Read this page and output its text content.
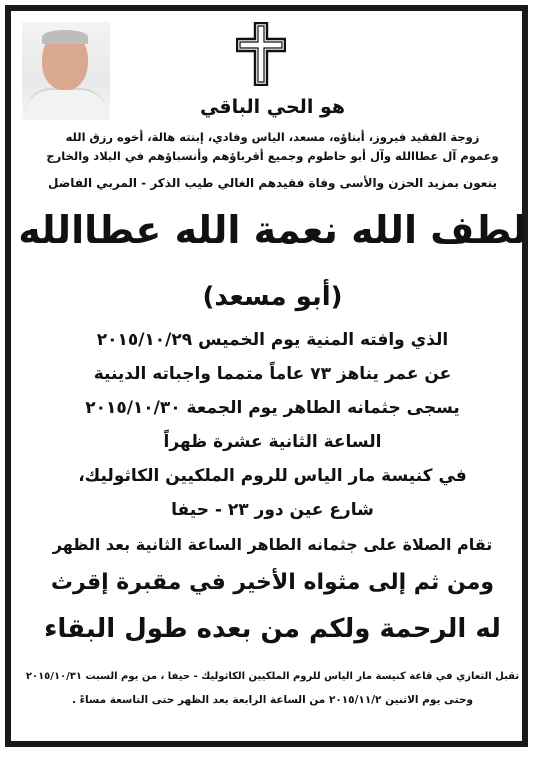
هو الحي الباقي
زوجة الفقيد فيروز، أبناؤه، مسعد، الياس وفادي، إبنته هالة، أخوه رزق الله
وعموم آل عطاالله وآل أبو حاطوم وجميع أقرباؤهم وأنسباؤهم في البلاد والخارج
ينعون بمزيد الحزن والأسى وفاة فقيدهم الغالي طيب الذكر - المربي الفاضل
لطف الله نعمة الله عطاالله
(أبو مسعد)
الذي وافته المنية يوم الخميس ٢٠١٥/١٠/٢٩
عن عمر يناهز ٧٣ عاماً متمما واجباته الدينية
يسجى جثمانه الطاهر يوم الجمعة ٢٠١٥/١٠/٣٠
الساعة الثانية عشرة ظهراً
في كنيسة مار الياس للروم الملكيين الكاثوليك،
شارع عين دور ٢٣ - حيفا
تقام الصلاة على جثمانه الطاهر الساعة الثانية بعد الظهر
ومن ثم إلى مثواه الأخير في مقبرة إقرث
له الرحمة ولكم من بعده طول البقاء
تقبل التعازي في قاعة كنيسة مار الياس للروم الملكيين الكاثوليك - حيفا ، من يوم السبت ٢٠١٥/١٠/٣١
وحتى يوم الاثنين ٢٠١٥/١١/٢ من الساعة الرابعة بعد الظهر حتى التاسعة مساءً .
